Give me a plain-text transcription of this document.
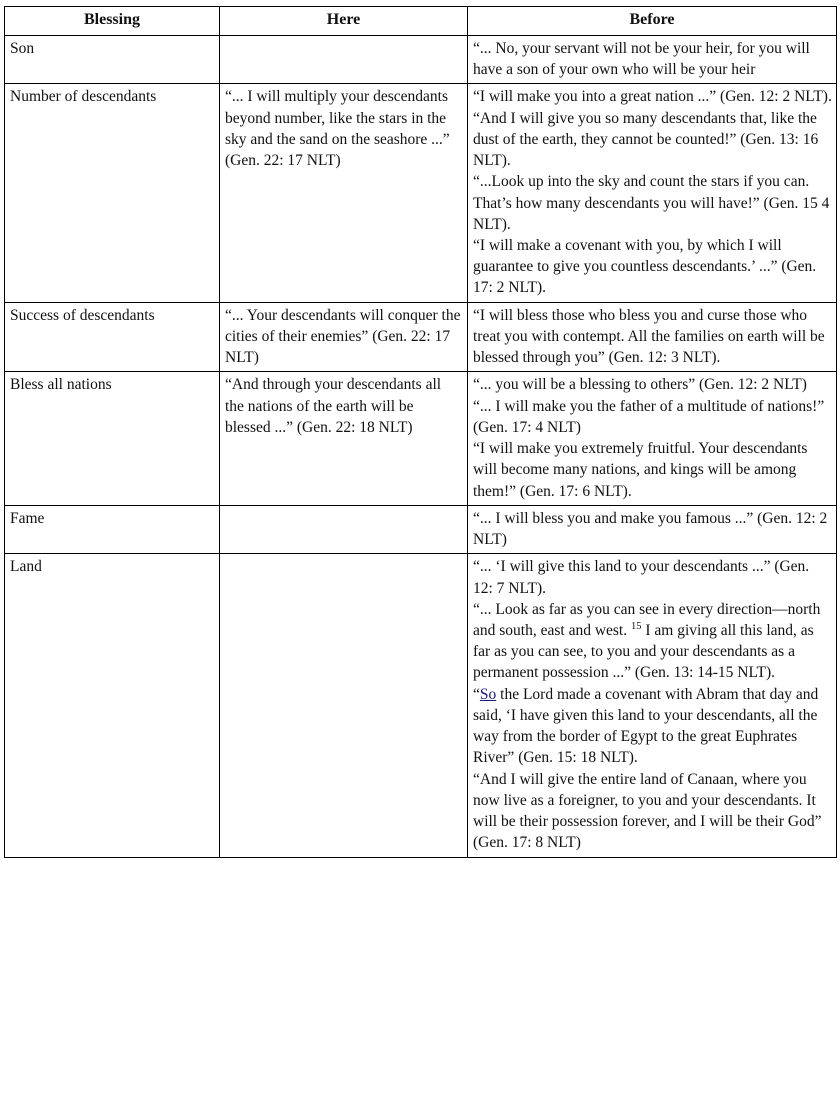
Blessing	Here	Before
Son		“... No, your servant will not be your heir, for you will have a son of your own who will be your heir

Number of descendants	“... I will multiply your descendants beyond number, like the stars in the sky and the sand on the seashore ...” (Gen. 22: 17 NLT)	“I will make you into a great nation ...” (Gen. 12: 2 NLT).

“And I will give you so many descendants that, like the dust of the earth, they cannot be counted!” (Gen. 13: 16 NLT).

“...Look up into the sky and count the stars if you can. That’s how many descendants you will have!” (Gen. 15 4 NLT).

“I will make a covenant with you, by which I will guarantee to give you countless descendants.’ ...” (Gen. 17: 2 NLT).

Success of descendants	“... Your descendants will conquer the cities of their enemies” (Gen. 22: 17 NLT)	“I will bless those who bless you and curse those who treat you with contempt. All the families on earth will be blessed through you” (Gen. 12: 3 NLT).

Bless all nations	“And through your descendants all the nations of the earth will be blessed ...” (Gen. 22: 18 NLT)	“... you will be a blessing to others” (Gen. 12: 2 NLT)

“... I will make you the father of a multitude of nations!” (Gen. 17: 4 NLT)

“I will make you extremely fruitful. Your descendants will become many nations, and kings will be among them!” (Gen. 17: 6 NLT).

Fame		“... I will bless you and make you famous ...” (Gen. 12: 2 NLT)

Land		“... ‘I will give this land to your descendants ...” (Gen. 12: 7 NLT).

“... Look as far as you can see in every direction—north and south, east and west. $^{15}$ I am giving all this land, as far as you can see, to you and your descendants as a permanent possession ...” (Gen. 13: 14-15 NLT).

“So the Lord made a covenant with Abram that day and said, ‘I have given this land to your descendants, all the way from the border of Egypt to the great Euphrates River” (Gen. 15: 18 NLT).

“And I will give the entire land of Canaan, where you now live as a foreigner, to you and your descendants. It will be their possession forever, and I will be their God” (Gen. 17: 8 NLT)
